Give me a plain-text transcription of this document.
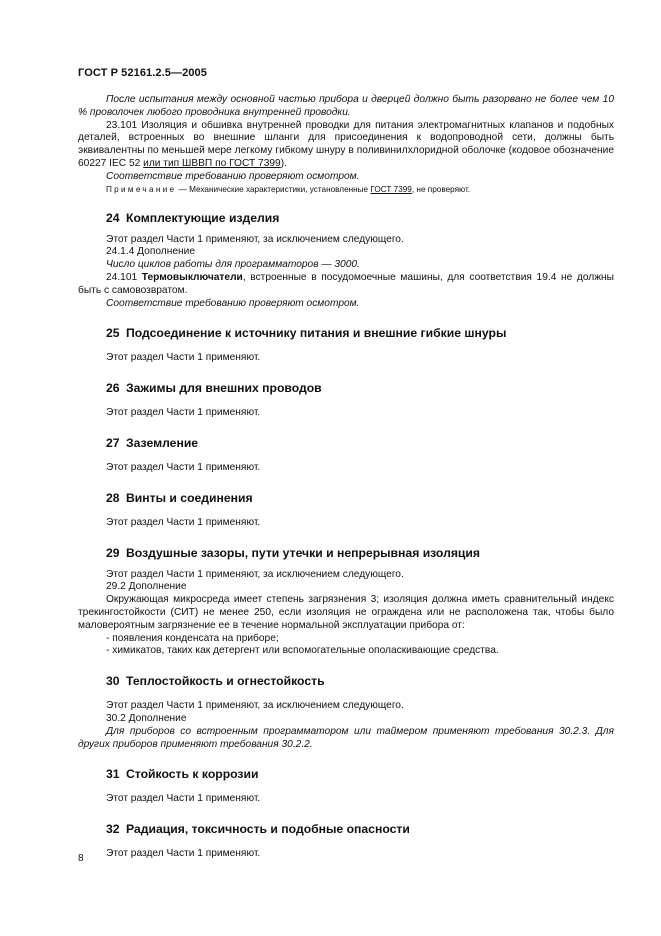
ГОСТ Р 52161.2.5—2005

После испытания между основной частью прибора и дверцей должно быть разорвано не более чем 10 % проволочек любого проводника внутренней проводки.

23.101 Изоляция и обшивка внутренней проводки для питания электромагнитных клапанов и подобных деталей, встроенных во внешние шланги для присоединения к водопроводной сети, должны быть эквивалентны по меньшей мере легкому гибкому шнуру в поливинилхлоридной оболочке (кодовое обозначение 60227 IEC 52 или тип ШВВП по ГОСТ 7399).

Соответствие требованию проверяют осмотром.

Примечание — Механические характеристики, установленные ГОСТ 7399, не проверяют.

24 Комплектующие изделия

Этот раздел Части 1 применяют, за исключением следующего.

24.1.4 Дополнение

Число циклов работы для программаторов — 3000.

24.101 Термовыключатели, встроенные в посудомоечные машины, для соответствия 19.4 не должны быть с самовозвратом.

Соответствие требованию проверяют осмотром.

25 Подсоединение к источнику питания и внешние гибкие шнуры

Этот раздел Части 1 применяют.

26 Зажимы для внешних проводов

Этот раздел Части 1 применяют.

27 Заземление

Этот раздел Части 1 применяют.

28 Винты и соединения

Этот раздел Части 1 применяют.

29 Воздушные зазоры, пути утечки и непрерывная изоляция

Этот раздел Части 1 применяют, за исключением следующего.

29.2 Дополнение

Окружающая микросреда имеет степень загрязнения 3; изоляция должна иметь сравнительный индекс трекингостойкости (СИТ) не менее 250, если изоляция не ограждена или не расположена так, чтобы было маловероятным загрязнение ее в течение нормальной эксплуатации прибора от:

- появления конденсата на приборе;

- химикатов, таких как детергент или вспомогательные ополаскивающие средства.

30 Теплостойкость и огнестойкость

Этот раздел Части 1 применяют, за исключением следующего.

30.2 Дополнение

Для приборов со встроенным программатором или таймером применяют требования 30.2.3. Для других приборов применяют требования 30.2.2.

31 Стойкость к коррозии

Этот раздел Части 1 применяют.

32 Радиация, токсичность и подобные опасности

Этот раздел Части 1 применяют.

8
